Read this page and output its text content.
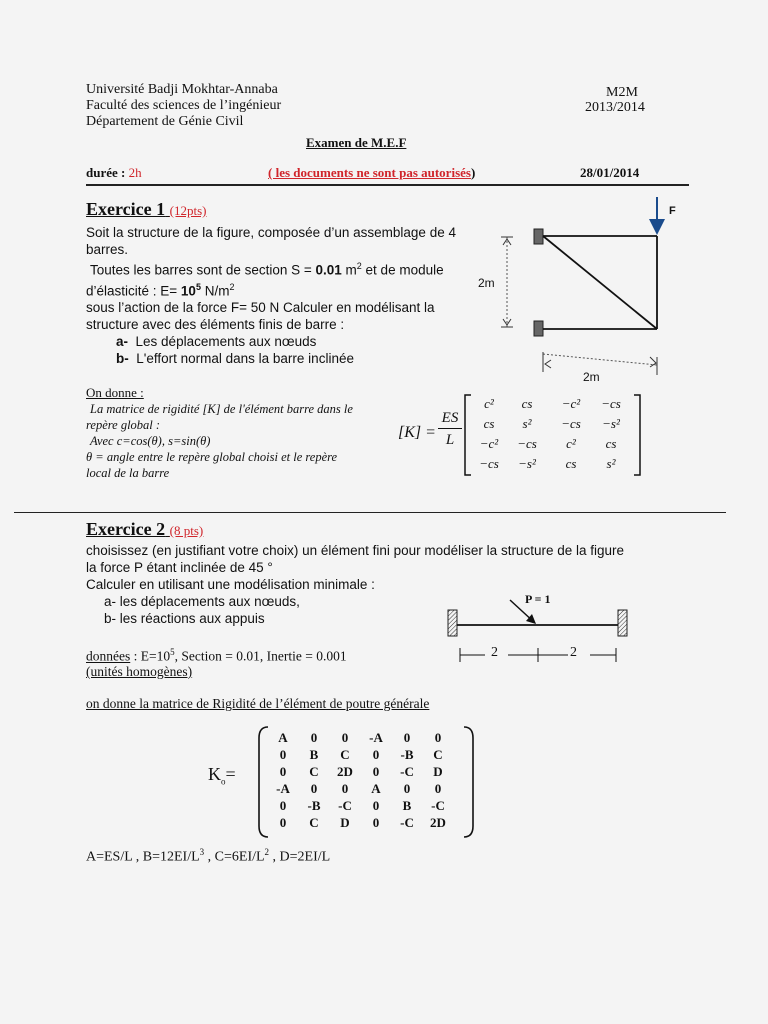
Université Badji Mokhtar-Annaba
Faculté des sciences de l’ingénieur
Département de Génie Civil
M2M
2013/2014
Examen de M.E.F
durée : 2h	( les documents ne sont pas autorisés)	28/01/2014
Exercice 1 (12pts)
Soit la structure de la figure, composée d’un assemblage de 4
barres.
Toutes les barres sont de section S = 0.01 $m^2$ et de module
d’élasticité : $E= 10^5$ $N/m^2$
sous l’action de la force F= 50 N Calculer en modélisant la
structure avec des éléments finis de barre :
a- Les déplacements aux nœuds
b- L'effort normal dans la barre inclinée
F
2m
2m
On donne :
La matrice de rigidité [K] de l'élément barre dans le
repère global :
Avec c=cos(θ), s=sin(θ)
θ = angle entre le repère global choisi et le repère
local de la barre
[K] =
ES
L
c²	cs	−c²	−cs
cs	s²	−cs	−s²
−c²	−cs	c²	cs
−cs	−s²	cs	s²
Exercice 2 (8 pts)
choisissez (en justifiant votre choix) un élément fini pour modéliser la structure de la figure
la force P étant inclinée de 45 °
Calculer en utilisant une modélisation minimale :
a- les déplacements aux nœuds,
b- les réactions aux appuis
P = 1
2	2
données : $E=10^5$, Section = 0.01, Inertie = 0.001
(unités homogènes)
on donne la matrice de Rigidité de l’élément de poutre générale
$K_o=$
A	0	0	-A	0	0
0	B	C	0	-B	C
0	C	2D	0	-C	D
-A	0	0	A	0	0
0	-B	-C	0	B	-C
0	C	D	0	-C	2D
A=ES/L , $B=12EI/L^3$ , $C=6EI/L^2$ , D=2EI/L
